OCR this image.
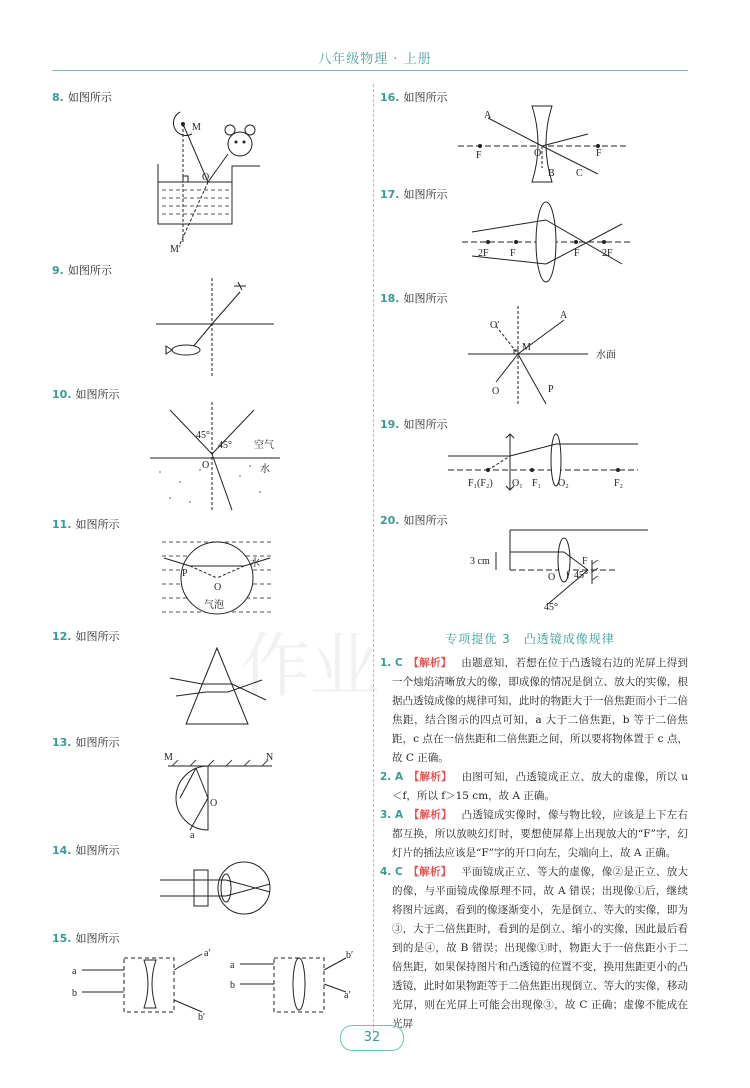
八年级物理 · 上册
作业
8. 如图所示
9. 如图所示
10. 如图所示
11. 如图所示
12. 如图所示
13. 如图所示
14. 如图所示
15. 如图所示
16. 如图所示
17. 如图所示
18. 如图所示
19. 如图所示
20. 如图所示
M
O
M′
45°
45°
O
空气
水
P
O
水
气泡
M	N
O
a
a
b
a′
b′
a
b
b′
a′
A
F	O	F
B C
2F F	F 2F
O′
A
M
O	P
水面
F₁(F₂) O₁ F₁ O₂	F₂
3 cm
O
F
f 45°
45°
专项提优 3　凸透镜成像规律

1. C 【解析】 由题意知，若想在位于凸透镜右边的光屏上得到一个烛焰清晰放大的像，即成像的情况是倒立、放大的实像，根据凸透镜成像的规律可知，此时的物距大于一倍焦距而小于二倍焦距，结合图示的四点可知，a 大于二倍焦距，b 等于二倍焦距，c 点在一倍焦距和二倍焦距之间，所以要将物体置于 c 点，故 C 正确。

2. A 【解析】 由图可知，凸透镜成正立、放大的虚像，所以 u＜f，所以 f＞15 cm，故 A 正确。

3. A 【解析】 凸透镜成实像时，像与物比较，应该是上下左右都互换，所以放映幻灯时，要想使屏幕上出现放大的“F”字，幻灯片的插法应该是“F”字的开口向左，尖端向上，故 A 正确。

4. C 【解析】 平面镜成正立、等大的虚像，像②是正立、放大的像，与平面镜成像原理不同，故 A 错误；出现像①后，继续将图片远离，看到的像逐渐变小，先是倒立、等大的实像，即为③，大于二倍焦距时，看到的是倒立、缩小的实像，因此最后看到的是④，故 B 错误；出现像①时，物距大于一倍焦距小于二倍焦距，如果保持图片和凸透镜的位置不变，换用焦距更小的凸透镜，此时如果物距等于二倍焦距出现倒立、等大的实像，移动光屏，则在光屏上可能会出现像③，故 C 正确；虚像不能成在光屏

32
